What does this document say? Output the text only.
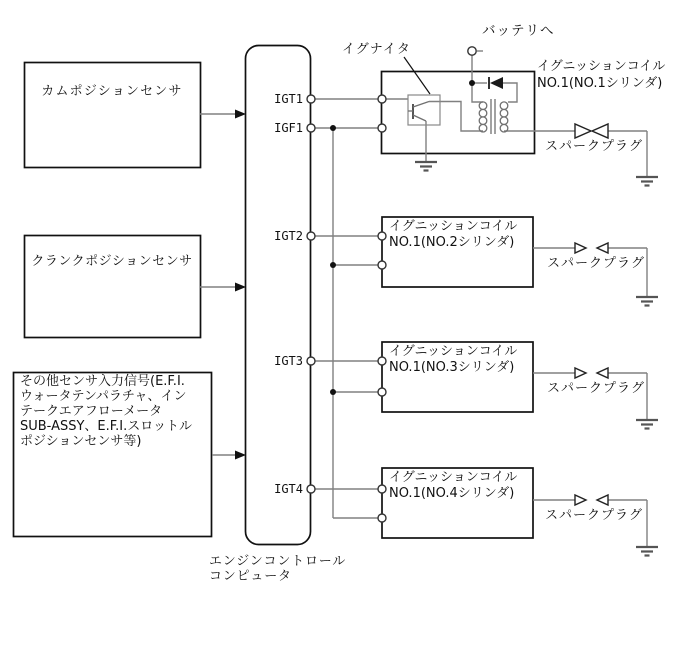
カムポジションセンサ
クランクポジションセンサ
その他センサ入力信号(E.F.I.
ウォータテンパラチャ、イン
テークエアフローメータ
SUB-ASSY、E.F.I.スロットル
ポジションセンサ等)
IGT1
IGF1
IGT2
IGT3
IGT4
エンジンコントロール
コンピュータ
イグナイタ
バッテリへ
イグニッションコイル
NO.1(NO.1シリンダ)
イグニッションコイル
NO.1(NO.2シリンダ)
イグニッションコイル
NO.1(NO.3シリンダ)
イグニッションコイル
NO.1(NO.4シリンダ)
スパークプラグ
スパークプラグ
スパークプラグ
スパークプラグ
